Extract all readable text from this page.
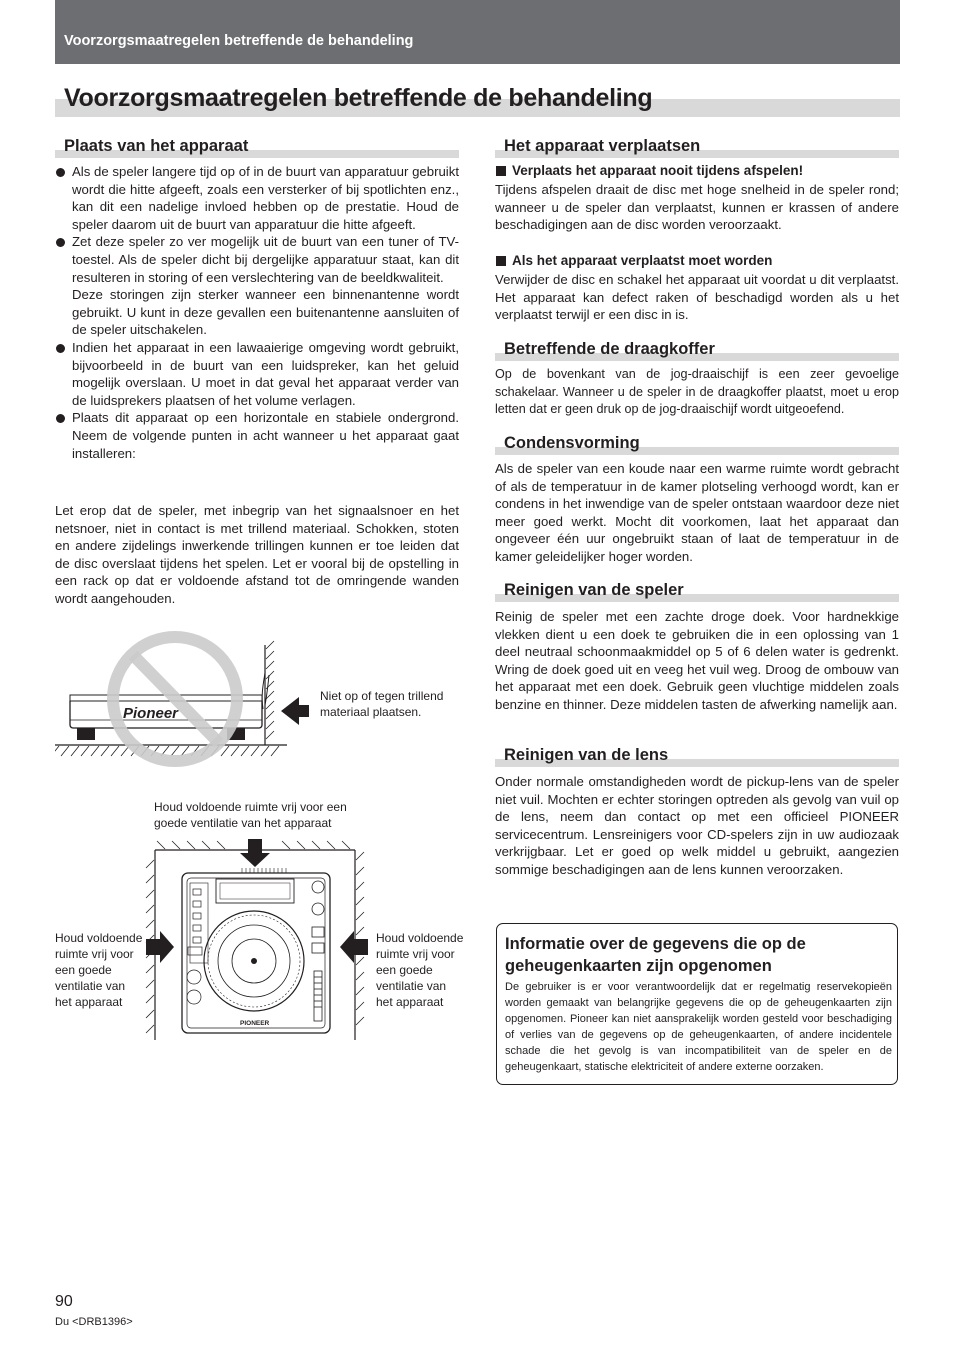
Voorzorgsmaatregelen betreffende de behandeling
Voorzorgsmaatregelen betreffende de behandeling
Plaats van het apparaat
Als de speler langere tijd op of in de buurt van apparatuur gebruikt wordt die hitte afgeeft, zoals een versterker of bij spotlichten enz., kan dit een nadelige invloed hebben op de prestatie. Houd de speler daarom uit de buurt van apparatuur die hitte afgeeft.
Zet deze speler zo ver mogelijk uit de buurt van een tuner of TV-toestel. Als de speler dicht bij dergelijke apparatuur staat, kan dit resulteren in storing of een verslechtering van de beeldkwaliteit.
Deze storingen zijn sterker wanneer een binnenantenne wordt gebruikt. U kunt in deze gevallen een buitenantenne aansluiten of de speler uitschakelen.
Indien het apparaat in een lawaaierige omgeving wordt gebruikt, bijvoorbeeld in de buurt van een luidspreker, kan het geluid mogelijk overslaan. U moet in dat geval het apparaat verder van de luidsprekers plaatsen of het volume verlagen.
Plaats dit apparaat op een horizontale en stabiele ondergrond. Neem de volgende punten in acht wanneer u het apparaat gaat installeren:
Let erop dat de speler, met inbegrip van het signaalsnoer en het netsnoer, niet in contact is met trillend materiaal. Schokken, stoten en andere zijdelings inwerkende trillingen kunnen er toe leiden dat de disc overslaat tijdens het spelen. Let er vooral bij de opstelling in een rack op dat er voldoende afstand tot de omringende wanden wordt aangehouden.
Pioneer
Niet op of tegen trillend materiaal plaatsen.
Houd voldoende ruimte vrij voor een goede ventilatie van het apparaat
Houd voldoende ruimte vrij voor een goede ventilatie van het apparaat
Houd voldoende ruimte vrij voor een goede ventilatie van het apparaat
PIONEER
Het apparaat verplaatsen
Verplaats het apparaat nooit tijdens afspelen!
Tijdens afspelen draait de disc met hoge snelheid in de speler rond; wanneer u de speler dan verplaatst, kunnen er krassen of andere beschadigingen aan de disc worden veroorzaakt.
Als het apparaat verplaatst moet worden
Verwijder de disc en schakel het apparaat uit voordat u dit verplaatst. Het apparaat kan defect raken of beschadigd worden als u het verplaatst terwijl er een disc in is.
Betreffende de draagkoffer
Op de bovenkant van de jog-draaischijf is een zeer gevoelige schakelaar. Wanneer u de speler in de draagkoffer plaatst, moet u erop letten dat er geen druk op de jog-draaischijf wordt uitgeoefend.
Condensvorming
Als de speler van een koude naar een warme ruimte wordt gebracht of als de temperatuur in de kamer plotseling verhoogd wordt, kan er condens in het inwendige van de speler ontstaan waardoor deze niet meer goed werkt. Mocht dit voorkomen, laat het apparaat dan ongeveer één uur ongebruikt staan of laat de temperatuur in de kamer geleidelijker hoger worden.
Reinigen van de speler
Reinig de speler met een zachte droge doek. Voor hardnekkige vlekken dient u een doek te gebruiken die in een oplossing van 1 deel neutraal schoonmaakmiddel op 5 of 6 delen water is gedrenkt. Wring de doek goed uit en veeg het vuil weg. Droog de ombouw van het apparaat met een doek. Gebruik geen vluchtige middelen zoals benzine en thinner. Deze middelen tasten de afwerking namelijk aan.
Reinigen van de lens
Onder normale omstandigheden wordt de pickup-lens van de speler niet vuil. Mochten er echter storingen optreden als gevolg van vuil op de lens, neem dan contact op met een officieel PIONEER servicecentrum. Lensreinigers voor CD-spelers zijn in uw audiozaak verkrijgbaar. Let er goed op welk middel u gebruikt, aangezien sommige beschadigingen aan de lens kunnen veroorzaken.
Informatie over de gegevens die op de geheugenkaarten zijn opgenomen
De gebruiker is er voor verantwoordelijk dat er regelmatig reservekopieën worden gemaakt van belangrijke gegevens die op de geheugenkaarten zijn opgenomen. Pioneer kan niet aansprakelijk worden gesteld voor beschadiging of verlies van de gegevens op de geheugenkaarten, of andere incidentele schade die het gevolg is van incompatibiliteit van de speler en de geheugenkaart, statische elektriciteit of andere externe oorzaken.
90
Du <DRB1396>
